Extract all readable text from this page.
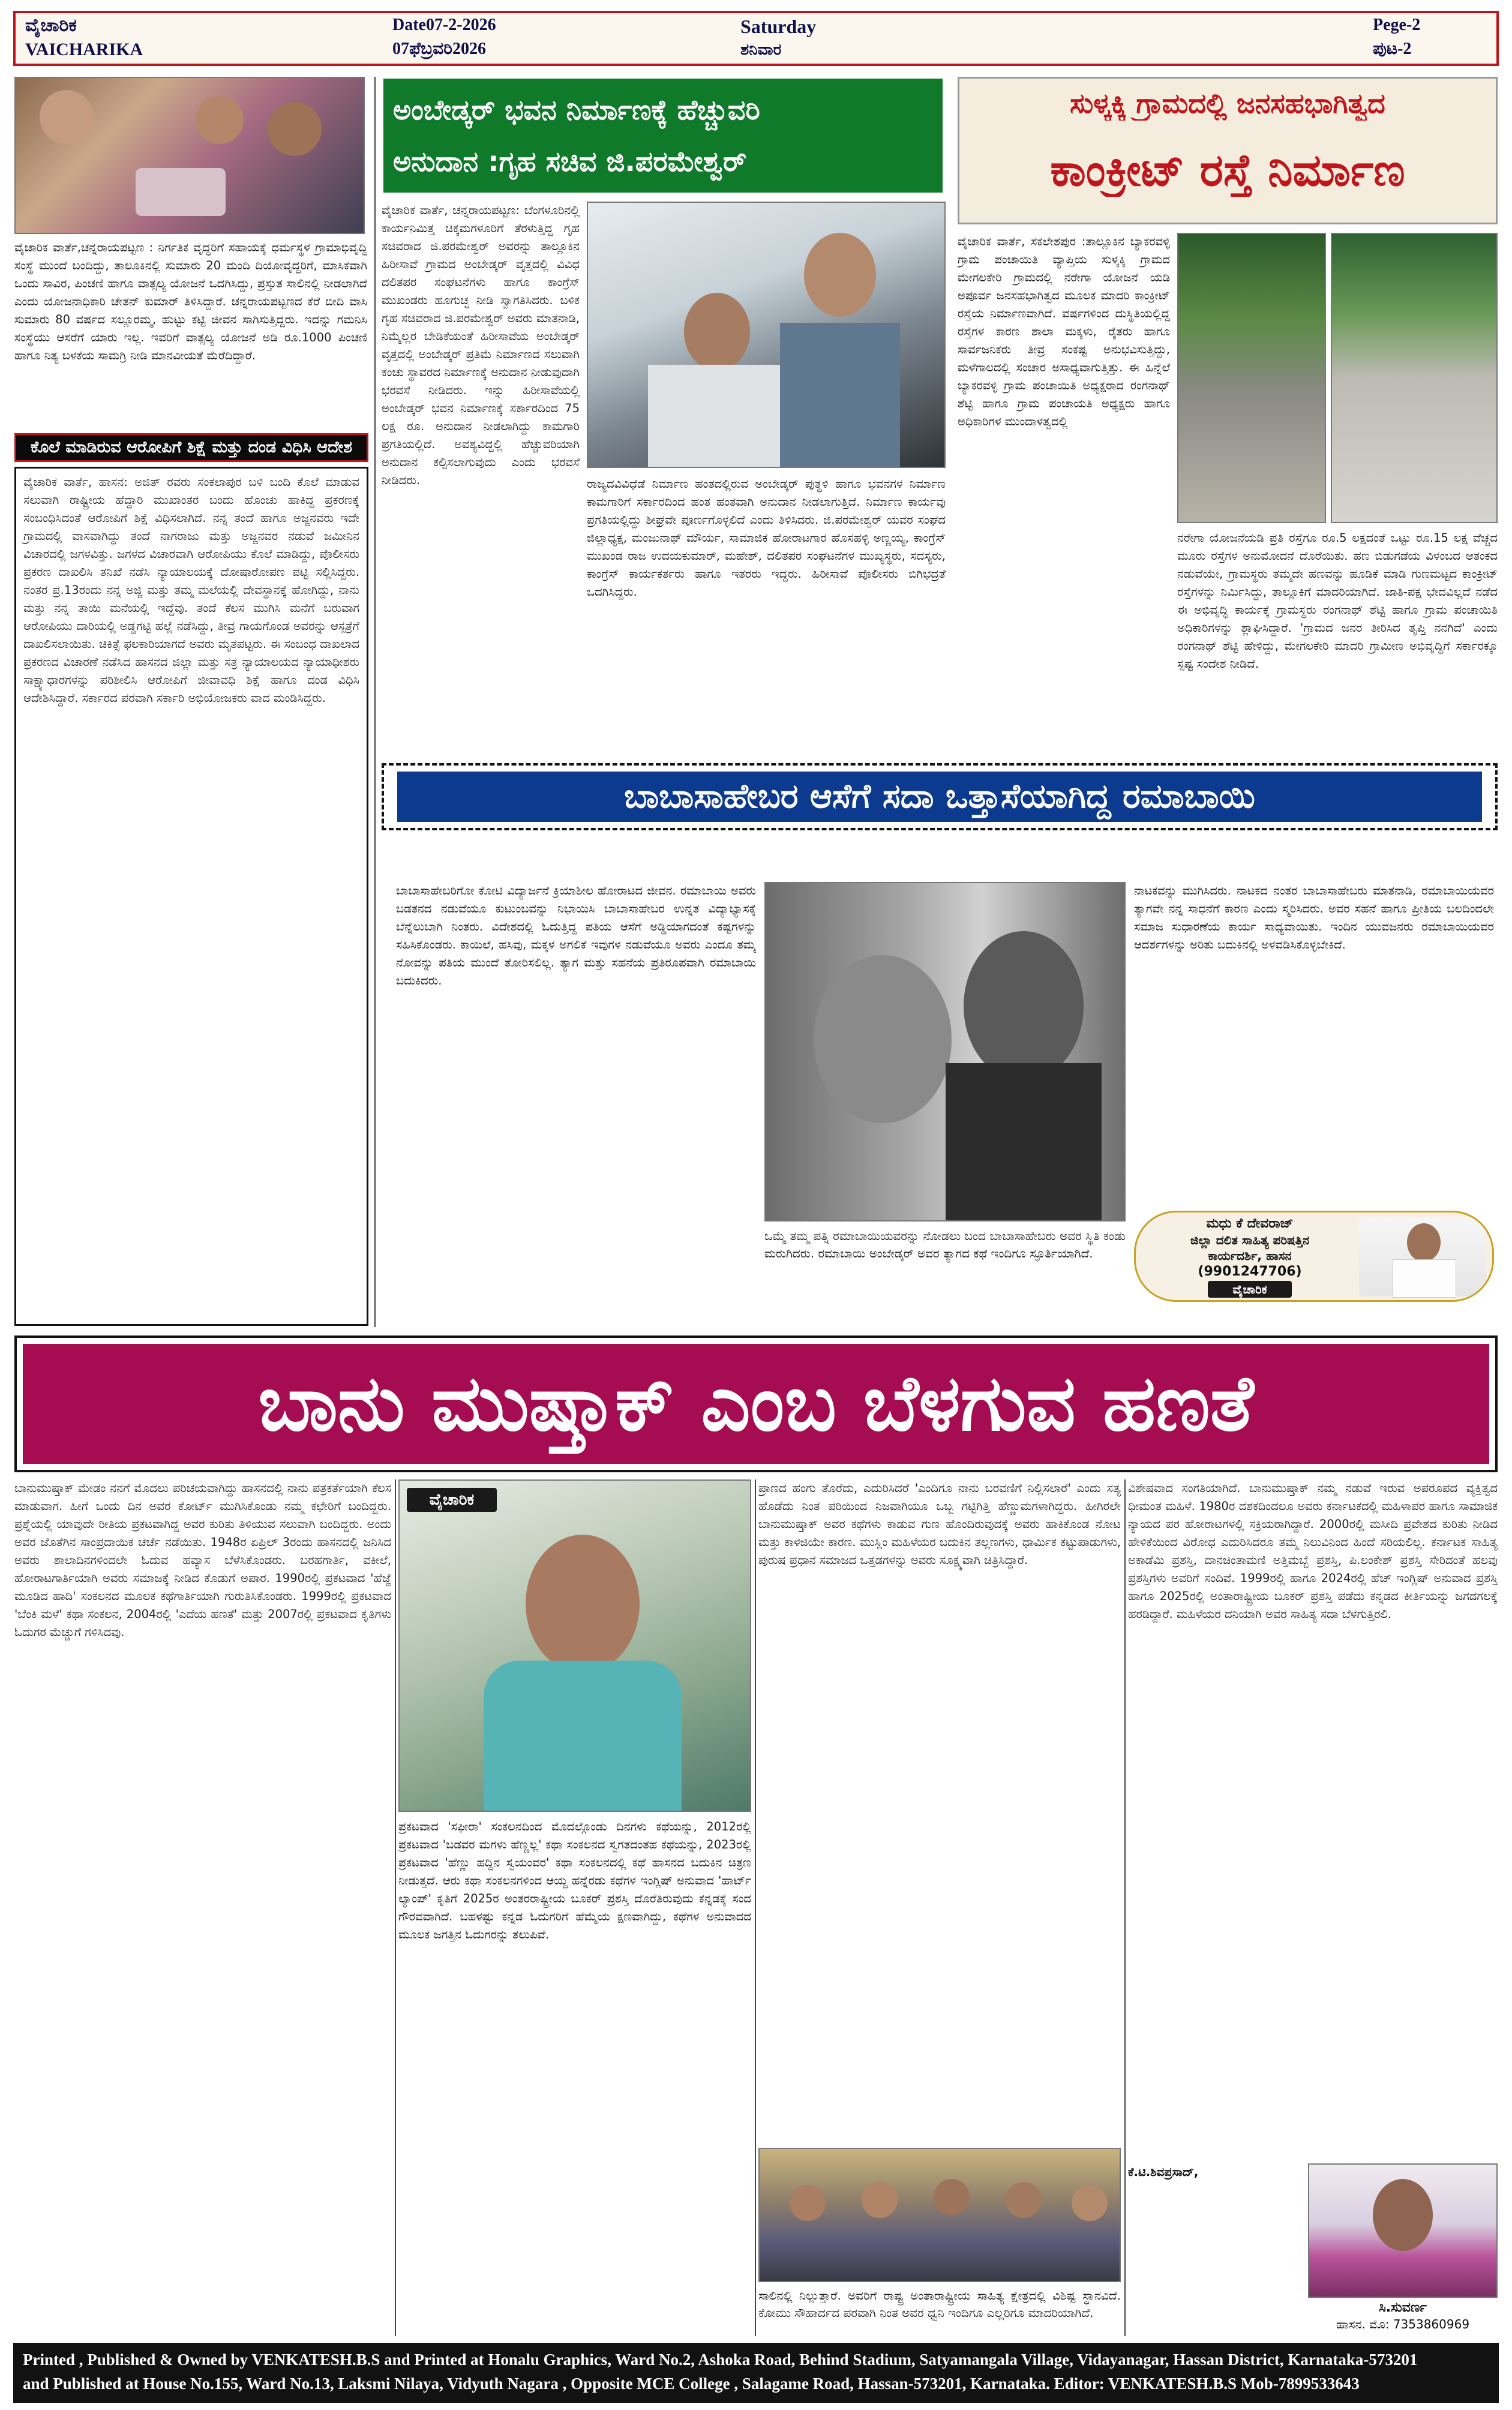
ವೈಚಾರಿಕ
VAICHARIKA
Date07-2-2026
07ಫೆಬ್ರವರಿ2026
Saturday
ಶನಿವಾರ
Pege-2
ಪುಟ-2
ವೈಚಾರಿಕ ವಾರ್ತೆ,ಚನ್ನರಾಯಪಟ್ಟಣ : ನಿರ್ಗತಿಕ ವೃದ್ಧರಿಗೆ ಸಹಾಯಕ್ಕೆ ಧರ್ಮಸ್ಥಳ ಗ್ರಾಮಾಭಿವೃದ್ಧಿ ಸಂಸ್ಥೆ ಮುಂದೆ ಬಂದಿದ್ದು, ತಾಲೂಕಿನಲ್ಲಿ ಸುಮಾರು 20 ಮಂದಿ ದಿಯೋವೃದ್ಧರಿಗೆ, ಮಾಸಿಕವಾಗಿ ಒಂದು ಸಾವಿರ, ಪಿಂಚಣಿ ಹಾಗೂ ವಾತ್ಸಲ್ಯ ಯೋಜನೆ ಒದಗಿಸಿದ್ದು, ಪ್ರಸ್ತುತ ಸಾಲಿನಲ್ಲಿ ನೀಡಲಾಗಿದೆ ಎಂದು ಯೋಜನಾಧಿಕಾರಿ ಚೇತನ್ ಕುಮಾರ್ ತಿಳಿಸಿದ್ದಾರೆ. ಚನ್ನರಾಯಪಟ್ಟಣದ ಕೆರೆ ಬೀದಿ ವಾಸಿ ಸುಮಾರು 80 ವರ್ಷದ ಸಲ್ಲೂರಮ್ಮ, ಹುಟ್ಟು ಕಟ್ಟಿ ಜೀವನ ಸಾಗಿಸುತ್ತಿದ್ದರು. ಇದನ್ನು ಗಮನಿಸಿ ಸಂಸ್ಥೆಯು ಆಸರೆಗೆ ಯಾರು ಇಲ್ಲ. ಇವರಿಗೆ ವಾತ್ಸಲ್ಯ ಯೋಜನೆ ಅಡಿ ರೂ.1000 ಪಿಂಚಣಿ ಹಾಗೂ ನಿತ್ಯ ಬಳಕೆಯ ಸಾಮಗ್ರಿ ನೀಡಿ ಮಾನವೀಯತೆ ಮೆರೆದಿದ್ದಾರೆ.
ಕೊಲೆ ಮಾಡಿರುವ ಆರೋಪಿಗೆ ಶಿಕ್ಷೆ ಮತ್ತು ದಂಡ ವಿಧಿಸಿ ಆದೇಶ
ವೈಚಾರಿಕ ವಾರ್ತೆ, ಹಾಸನ: ಅಜಿತ್ ರವರು ಸಂಕಲಾಪುರ ಬಳಿ ಬಂದಿ ಕೊಲೆ ಮಾಡುವ ಸಲುವಾಗಿ ರಾಷ್ಟ್ರೀಯ ಹೆದ್ದಾರಿ ಮುಖಾಂತರ ಬಂದು ಹೊಂಚು ಹಾಕಿದ್ದ ಪ್ರಕರಣಕ್ಕೆ ಸಂಬಂಧಿಸಿದಂತೆ ಆರೋಪಿಗೆ ಶಿಕ್ಷೆ ವಿಧಿಸಲಾಗಿದೆ. ನನ್ನ ತಂದೆ ಹಾಗೂ ಅಜ್ಜನವರು ಇದೇ ಗ್ರಾಮದಲ್ಲಿ ವಾಸವಾಗಿದ್ದು ತಂದೆ ನಾಗರಾಜು ಮತ್ತು ಅಜ್ಜನವರ ನಡುವೆ ಜಮೀನಿನ ವಿಚಾರದಲ್ಲಿ ಜಗಳವಿತ್ತು. ಜಗಳದ ವಿಚಾರವಾಗಿ ಆರೋಪಿಯು ಕೊಲೆ ಮಾಡಿದ್ದು, ಪೊಲೀಸರು ಪ್ರಕರಣ ದಾಖಲಿಸಿ ತನಿಖೆ ನಡೆಸಿ ನ್ಯಾಯಾಲಯಕ್ಕೆ ದೋಷಾರೋಪಣ ಪಟ್ಟಿ ಸಲ್ಲಿಸಿದ್ದರು. ನಂತರ ಪ್ರ.13ರಂದು ನನ್ನ ಅಜ್ಜಿ ಮತ್ತು ತಮ್ಮ ಮಲೆಯಲ್ಲಿ ದೇವಸ್ಥಾನಕ್ಕೆ ಹೋಗಿದ್ದು, ನಾನು ಮತ್ತು ನನ್ನ ತಾಯಿ ಮನೆಯಲ್ಲಿ ಇದ್ದೆವು. ತಂದೆ ಕೆಲಸ ಮುಗಿಸಿ ಮನೆಗೆ ಬರುವಾಗ ಆರೋಪಿಯು ದಾರಿಯಲ್ಲಿ ಅಡ್ಡಗಟ್ಟಿ ಹಲ್ಲೆ ನಡೆಸಿದ್ದು, ತೀವ್ರ ಗಾಯಗೊಂಡ ಅವರನ್ನು ಆಸ್ಪತ್ರೆಗೆ ದಾಖಲಿಸಲಾಯಿತು. ಚಿಕಿತ್ಸೆ ಫಲಕಾರಿಯಾಗದೆ ಅವರು ಮೃತಪಟ್ಟರು. ಈ ಸಂಬಂಧ ದಾಖಲಾದ ಪ್ರಕರಣದ ವಿಚಾರಣೆ ನಡೆಸಿದ ಹಾಸನದ ಜಿಲ್ಲಾ ಮತ್ತು ಸತ್ರ ನ್ಯಾಯಾಲಯದ ನ್ಯಾಯಾಧೀಶರು ಸಾಕ್ಷ್ಯಾಧಾರಗಳನ್ನು ಪರಿಶೀಲಿಸಿ ಆರೋಪಿಗೆ ಜೀವಾವಧಿ ಶಿಕ್ಷೆ ಹಾಗೂ ದಂಡ ವಿಧಿಸಿ ಆದೇಶಿಸಿದ್ದಾರೆ. ಸರ್ಕಾರದ ಪರವಾಗಿ ಸರ್ಕಾರಿ ಅಭಿಯೋಜಕರು ವಾದ ಮಂಡಿಸಿದ್ದರು.
ಅಂಬೇಡ್ಕರ್ ಭವನ ನಿರ್ಮಾಣಕ್ಕೆ ಹೆಚ್ಚುವರಿ
ಅನುದಾನ :ಗೃಹ ಸಚಿವ ಜಿ.ಪರಮೇಶ್ವರ್
ವೈಚಾರಿಕ ವಾರ್ತೆ, ಚನ್ನರಾಯಪಟ್ಟಣ: ಬೆಂಗಳೂರಿನಲ್ಲಿ ಕಾರ್ಯನಿಮಿತ್ತ ಚಿಕ್ಕಮಗಳೂರಿಗೆ ತೆರಳುತ್ತಿದ್ದ ಗೃಹ ಸಚಿವರಾದ ಜಿ.ಪರಮೇಶ್ವರ್ ಅವರನ್ನು ತಾಲ್ಲೂಕಿನ ಹಿರೀಸಾವೆ ಗ್ರಾಮದ ಅಂಬೇಡ್ಕರ್ ವೃತ್ತದಲ್ಲಿ ವಿವಿಧ ದಲಿತಪರ ಸಂಘಟನೆಗಳು ಹಾಗೂ ಕಾಂಗ್ರೆಸ್ ಮುಖಂಡರು ಹೂಗುಚ್ಛ ನೀಡಿ ಸ್ವಾಗತಿಸಿದರು. ಬಳಿಕ ಗೃಹ ಸಚಿವರಾದ ಜಿ.ಪರಮೇಶ್ವರ್ ಅವರು ಮಾತನಾಡಿ, ನಿಮ್ಮೆಲ್ಲರ ಬೇಡಿಕೆಯಂತೆ ಹಿರೀಸಾವೆಯ ಅಂಬೇಡ್ಕರ್ ವೃತ್ತದಲ್ಲಿ ಅಂಬೇಡ್ಕರ್ ಪ್ರತಿಮೆ ನಿರ್ಮಾಣದ ಸಲುವಾಗಿ ಕಂಚು ಸ್ಥಾವರದ ನಿರ್ಮಾಣಕ್ಕೆ ಅನುದಾನ ನೀಡುವುದಾಗಿ ಭರವಸೆ ನೀಡಿದರು. ಇನ್ನು ಹಿರೀಸಾವೆಯಲ್ಲಿ ಅಂಬೇಡ್ಕರ್ ಭವನ ನಿರ್ಮಾಣಕ್ಕೆ ಸರ್ಕಾರದಿಂದ 75 ಲಕ್ಷ ರೂ. ಅನುದಾನ ನೀಡಲಾಗಿದ್ದು ಕಾಮಗಾರಿ ಪ್ರಗತಿಯಲ್ಲಿದೆ. ಅವಶ್ಯವಿದ್ದಲ್ಲಿ ಹೆಚ್ಚುವರಿಯಾಗಿ ಅನುದಾನ ಕಲ್ಪಿಸಲಾಗುವುದು ಎಂದು ಭರವಸೆ ನೀಡಿದರು.	ರಾಜ್ಯದವಿವಿಧೆಡೆ ನಿರ್ಮಾಣ ಹಂತದಲ್ಲಿರುವ ಅಂಬೇಡ್ಕರ್ ಪುತ್ಥಳಿ ಹಾಗೂ ಭವನಗಳ ನಿರ್ಮಾಣ ಕಾಮಗಾರಿಗೆ ಸರ್ಕಾರದಿಂದ ಹಂತ ಹಂತವಾಗಿ ಅನುದಾನ ನೀಡಲಾಗುತ್ತಿದೆ. ನಿರ್ಮಾಣ ಕಾರ್ಯವು ಪ್ರಗತಿಯಲ್ಲಿದ್ದು ಶೀಘ್ರವೇ ಪೂರ್ಣಗೊಳ್ಳಲಿದೆ ಎಂದು ತಿಳಿಸಿದರು. ಜಿ.ಪರಮೇಶ್ವರ್ ಯವರ ಸಂಘದ ಜಿಲ್ಲಾಧ್ಯಕ್ಷ, ಮಂಜುನಾಥ್ ಮೌರ್ಯ, ಸಾಮಾಜಿಕ ಹೋರಾಟಗಾರ ಹೊಸಹಳ್ಳಿ ಅಣ್ಣಯ್ಯ, ಕಾಂಗ್ರೆಸ್ ಮುಖಂಡ ರಾಜ ಉದಯಕುಮಾರ್, ಮಹೇಶ್, ದಲಿತಪರ ಸಂಘಟನೆಗಳ ಮುಖ್ಯಸ್ಥರು, ಸದಸ್ಯರು, ಕಾಂಗ್ರೆಸ್ ಕಾರ್ಯಕರ್ತರು ಹಾಗೂ ಇತರರು ಇದ್ದರು. ಹಿರೀಸಾವೆ ಪೊಲೀಸರು ಬಿಗಿಭದ್ರತೆ ಒದಗಿಸಿದ್ದರು.
ಸುಳ್ಕಕ್ಕಿ ಗ್ರಾಮದಲ್ಲಿ ಜನಸಹಭಾಗಿತ್ವದ
ಕಾಂಕ್ರೀಟ್ ರಸ್ತೆ ನಿರ್ಮಾಣ
ವೈಚಾರಿಕ ವಾರ್ತೆ, ಸಕಲೇಶಪುರ :ತಾಲ್ಲೂಕಿನ ಬ್ಯಾಕರವಳ್ಳಿ ಗ್ರಾಮ ಪಂಚಾಯಿತಿ ವ್ಯಾಪ್ತಿಯ ಸುಳ್ಕಕ್ಕಿ ಗ್ರಾಮದ ಮೇಗಲಕೇರಿ ಗ್ರಾಮದಲ್ಲಿ ನರೇಗಾ ಯೋಜನೆ ಯಡಿ ಅಪೂರ್ವ ಜನಸಹಭಾಗಿತ್ವದ ಮೂಲಕ ಮಾದರಿ ಕಾಂಕ್ರೀಟ್ ರಸ್ತೆಯ ನಿರ್ಮಾಣವಾಗಿದೆ. ವರ್ಷಗಳಿಂದ ದುಸ್ಥಿತಿಯಲ್ಲಿದ್ದ ರಸ್ತೆಗಳ ಕಾರಣ ಶಾಲಾ ಮಕ್ಕಳು, ರೈತರು ಹಾಗೂ ಸಾರ್ವಜನಿಕರು ತೀವ್ರ ಸಂಕಷ್ಟ ಅನುಭವಿಸುತ್ತಿದ್ದು, ಮಳೆಗಾಲದಲ್ಲಿ ಸಂಚಾರ ಅಸಾಧ್ಯವಾಗುತ್ತಿತ್ತು. ಈ ಹಿನ್ನೆಲೆ ಬ್ಯಾಕರವಳ್ಳಿ ಗ್ರಾಮ ಪಂಚಾಯಿತಿ ಅಧ್ಯಕ್ಷರಾದ ರಂಗನಾಥ್ ಶೆಟ್ಟಿ ಹಾಗೂ ಗ್ರಾಮ ಪಂಚಾಯತಿ ಅಧ್ಯಕ್ಷರು ಹಾಗೂ ಅಧಿಕಾರಿಗಳ ಮುಂದಾಳತ್ವದಲ್ಲಿ
ನರೇಗಾ ಯೋಜನೆಯಡಿ ಪ್ರತಿ ರಸ್ತೆಗೂ ರೂ.5 ಲಕ್ಷದಂತೆ ಒಟ್ಟು ರೂ.15 ಲಕ್ಷ ವೆಚ್ಚದ ಮೂರು ರಸ್ತೆಗಳ ಅನುಮೋದನೆ ದೊರೆಯಿತು. ಹಣ ಬಿಡುಗಡೆಯ ವಿಳಂಬದ ಆತಂಕದ ನಡುವೆಯೇ, ಗ್ರಾಮಸ್ಥರು ತಮ್ಮದೇ ಹಣವನ್ನು ಹೂಡಿಕೆ ಮಾಡಿ ಗುಣಮಟ್ಟದ ಕಾಂಕ್ರೀಟ್ ರಸ್ತೆಗಳನ್ನು ನಿರ್ಮಿಸಿದ್ದು, ತಾಲ್ಲೂಕಿಗೆ ಮಾದರಿಯಾಗಿದೆ. ಜಾತಿ-ಪಕ್ಷ ಭೇದವಿಲ್ಲದೆ ನಡೆದ ಈ ಅಭಿವೃದ್ಧಿ ಕಾರ್ಯಕ್ಕೆ ಗ್ರಾಮಸ್ಥರು ರಂಗನಾಥ್ ಶೆಟ್ಟಿ ಹಾಗೂ ಗ್ರಾಮ ಪಂಚಾಯಿತಿ ಅಧಿಕಾರಿಗಳನ್ನು ಶ್ಲಾಘಿಸಿದ್ದಾರೆ. 'ಗ್ರಾಮದ ಜನರ ತೀರಿಸಿದ ತೃಪ್ತಿ ನನಗಿದೆ' ಎಂದು ರಂಗನಾಥ್ ಶೆಟ್ಟಿ ಹೇಳಿದ್ದು, ಮೇಗಲಕೇರಿ ಮಾದರಿ ಗ್ರಾಮೀಣ ಅಭಿವೃದ್ಧಿಗೆ ಸರ್ಕಾರಕ್ಕೂ ಸ್ಪಷ್ಟ ಸಂದೇಶ ನೀಡಿದೆ.
ಬಾಬಾಸಾಹೇಬರ ಆಸೆಗೆ ಸದಾ ಒತ್ತಾಸೆಯಾಗಿದ್ದ ರಮಾಬಾಯಿ
ಬಾಬಾಸಾಹೇಬರಿಗೋ ಕೋಟಿ ವಿದ್ಯಾರ್ಜನೆ ಕ್ರಿಯಾಶೀಲ ಹೋರಾಟದ ಜೀವನ. ರಮಾಬಾಯಿ ಅವರು ಬಡತನದ ನಡುವೆಯೂ ಕುಟುಂಬವನ್ನು ನಿಭಾಯಿಸಿ ಬಾಬಾಸಾಹೇಬರ ಉನ್ನತ ವಿದ್ಯಾಭ್ಯಾಸಕ್ಕೆ ಬೆನ್ನೆಲುಬಾಗಿ ನಿಂತರು. ವಿದೇಶದಲ್ಲಿ ಓದುತ್ತಿದ್ದ ಪತಿಯ ಆಸೆಗೆ ಅಡ್ಡಿಯಾಗದಂತೆ ಕಷ್ಟಗಳನ್ನು ಸಹಿಸಿಕೊಂಡರು. ಕಾಯಿಲೆ, ಹಸಿವು, ಮಕ್ಕಳ ಅಗಲಿಕೆ ಇವುಗಳ ನಡುವೆಯೂ ಅವರು ಎಂದೂ ತಮ್ಮ ನೋವನ್ನು ಪತಿಯ ಮುಂದೆ ತೋರಿಸಲಿಲ್ಲ. ತ್ಯಾಗ ಮತ್ತು ಸಹನೆಯ ಪ್ರತಿರೂಪವಾಗಿ ರಮಾಬಾಯಿ ಬದುಕಿದರು.
ಒಮ್ಮೆ ತಮ್ಮ ಪತ್ನಿ ರಮಾಬಾಯಿಯವರನ್ನು ನೋಡಲು ಬಂದ ಬಾಬಾಸಾಹೇಬರು ಅವರ ಸ್ಥಿತಿ ಕಂಡು ಮರುಗಿದರು. ರಮಾಬಾಯಿ ಅಂಬೇಡ್ಕರ್ ಅವರ ತ್ಯಾಗದ ಕಥೆ ಇಂದಿಗೂ ಸ್ಫೂರ್ತಿಯಾಗಿದೆ.
ನಾಟಕವನ್ನು ಮುಗಿಸಿದರು. ನಾಟಕದ ನಂತರ ಬಾಬಾಸಾಹೇಬರು ಮಾತನಾಡಿ, ರಮಾಬಾಯಿಯವರ ತ್ಯಾಗವೇ ನನ್ನ ಸಾಧನೆಗೆ ಕಾರಣ ಎಂದು ಸ್ಮರಿಸಿದರು. ಅವರ ಸಹನೆ ಹಾಗೂ ಪ್ರೀತಿಯ ಬಲದಿಂದಲೇ ಸಮಾಜ ಸುಧಾರಣೆಯ ಕಾರ್ಯ ಸಾಧ್ಯವಾಯಿತು. ಇಂದಿನ ಯುವಜನರು ರಮಾಬಾಯಿಯವರ ಆದರ್ಶಗಳನ್ನು ಅರಿತು ಬದುಕಿನಲ್ಲಿ ಅಳವಡಿಸಿಕೊಳ್ಳಬೇಕಿದೆ.
ಮಧು ಕೆ ದೇವರಾಜ್
ಜಿಲ್ಲಾ ದಲಿತ ಸಾಹಿತ್ಯ ಪರಿಷತ್ತಿನ
ಕಾರ್ಯದರ್ಶಿ, ಹಾಸನ
(9901247706)
ವೈಚಾರಿಕ
ಬಾನು ಮುಷ್ತಾಕ್ ಎಂಬ ಬೆಳಗುವ ಹಣತೆ
ಬಾನುಮುಷ್ತಾಕ್ ಮೇಡಂ ನನಗೆ ಮೊದಲು ಪರಿಚಯವಾಗಿದ್ದು ಹಾಸನದಲ್ಲಿ ನಾನು ಪತ್ರಕರ್ತೆಯಾಗಿ ಕೆಲಸ ಮಾಡುವಾಗ. ಹೀಗೆ ಒಂದು ದಿನ ಅವರ ಕೋರ್ಟ್ ಮುಗಿಸಿಕೊಂಡು ನಮ್ಮ ಕಛೇರಿಗೆ ಬಂದಿದ್ದರು. ಪ್ರಶ್ನೆಯಲ್ಲಿ ಯಾವುದೇ ರೀತಿಯ ಪ್ರಕಟವಾಗಿದ್ದ ಅವರ ಕುರಿತು ತಿಳಿಯುವ ಸಲುವಾಗಿ ಬಂದಿದ್ದರು. ಅಂದು ಅವರ ಜೊತೆಗಿನ ಸಾಂಪ್ರದಾಯಿಕ ಚರ್ಚೆ ನಡೆಯಿತು. 1948ರ ಏಪ್ರಿಲ್ 3ರಂದು ಹಾಸನದಲ್ಲಿ ಜನಿಸಿದ ಅವರು ಶಾಲಾದಿನಗಳಿಂದಲೇ ಓದುವ ಹವ್ಯಾಸ ಬೆಳೆಸಿಕೊಂಡರು. ಬರಹಗಾರ್ತಿ, ವಕೀಲೆ, ಹೋರಾಟಗಾರ್ತಿಯಾಗಿ ಅವರು ಸಮಾಜಕ್ಕೆ ನೀಡಿದ ಕೊಡುಗೆ ಅಪಾರ. 1990ರಲ್ಲಿ ಪ್ರಕಟವಾದ 'ಹೆಜ್ಜೆ ಮೂಡಿದ ಹಾದಿ' ಸಂಕಲನದ ಮೂಲಕ ಕಥೆಗಾರ್ತಿಯಾಗಿ ಗುರುತಿಸಿಕೊಂಡರು. 1999ರಲ್ಲಿ ಪ್ರಕಟವಾದ 'ಬೆಂಕಿ ಮಳೆ' ಕಥಾ ಸಂಕಲನ, 2004ರಲ್ಲಿ 'ಎದೆಯ ಹಣತೆ' ಮತ್ತು 2007ರಲ್ಲಿ ಪ್ರಕಟವಾದ ಕೃತಿಗಳು ಓದುಗರ ಮೆಚ್ಚುಗೆ ಗಳಿಸಿದವು.
ವೈಚಾರಿಕ
ಪ್ರಕಟವಾದ 'ಸಫೀರಾ' ಸಂಕಲನದಿಂದ ಮೊದಲ್ಗೊಂಡು ದಿನಗಳು ಕಥೆಯನ್ನು, 2012ರಲ್ಲಿ ಪ್ರಕಟವಾದ 'ಬಡವರ ಮಗಳು ಹೆಣ್ಣಲ್ಲ' ಕಥಾ ಸಂಕಲನದ ಸ್ವಗತದಂತಹ ಕಥೆಯನ್ನು, 2023ರಲ್ಲಿ ಪ್ರಕಟವಾದ 'ಹೆಣ್ಣು ಹದ್ದಿನ ಸ್ವಯಂವರ' ಕಥಾ ಸಂಕಲನದಲ್ಲಿ ಕಥೆ ಹಾಸನದ ಬದುಕಿನ ಚಿತ್ರಣ ನೀಡುತ್ತದೆ. ಆರು ಕಥಾ ಸಂಕಲನಗಳಿಂದ ಆಯ್ದ ಹನ್ನೆರಡು ಕಥೆಗಳ ಇಂಗ್ಲಿಷ್ ಅನುವಾದ 'ಹಾರ್ಟ್ ಲ್ಯಾಂಪ್' ಕೃತಿಗೆ 2025ರ ಅಂತರರಾಷ್ಟ್ರೀಯ ಬೂಕರ್ ಪ್ರಶಸ್ತಿ ದೊರೆತಿರುವುದು ಕನ್ನಡಕ್ಕೆ ಸಂದ ಗೌರವವಾಗಿದೆ. ಬಹಳಷ್ಟು ಕನ್ನಡ ಓದುಗರಿಗೆ ಹೆಮ್ಮೆಯ ಕ್ಷಣವಾಗಿದ್ದು, ಕಥೆಗಳ ಅನುವಾದದ ಮೂಲಕ ಜಗತ್ತಿನ ಓದುಗರನ್ನು ತಲುಪಿವೆ.
ಪ್ರಾಣದ ಹಂಗು ತೊರೆದು, ಎದುರಿಸಿದರೆ 'ಎಂದಿಗೂ ನಾನು ಬರವಣಿಗೆ ನಿಲ್ಲಿಸಲಾರೆ' ಎಂದು ಸತ್ಯ ಹೊಡೆದು ನಿಂತ ಪರಿಯಿಂದ ನಿಜವಾಗಿಯೂ ಒಬ್ಬ ಗಟ್ಟಿಗಿತ್ತಿ ಹೆಣ್ಣುಮಗಳಾಗಿದ್ದರು. ಹೀಗಿರಲೇ ಬಾನುಮುಷ್ತಾಕ್ ಅವರ ಕಥೆಗಳು ಕಾಡುವ ಗುಣ ಹೊಂದಿರುವುದಕ್ಕೆ ಅವರು ಹಾಕಿಕೊಂಡ ನೋಟ ಮತ್ತು ಕಾಳಜಿಯೇ ಕಾರಣ. ಮುಸ್ಲಿಂ ಮಹಿಳೆಯರ ಬದುಕಿನ ತಲ್ಲಣಗಳು, ಧಾರ್ಮಿಕ ಕಟ್ಟುಪಾಡುಗಳು, ಪುರುಷ ಪ್ರಧಾನ ಸಮಾಜದ ಒತ್ತಡಗಳನ್ನು ಅವರು ಸೂಕ್ಷ್ಮವಾಗಿ ಚಿತ್ರಿಸಿದ್ದಾರೆ.
ಸಾಲಿನಲ್ಲಿ ನಿಲ್ಲುತ್ತಾರೆ. ಅವರಿಗೆ ರಾಷ್ಟ್ರ ಅಂತಾರಾಷ್ಟ್ರೀಯ ಸಾಹಿತ್ಯ ಕ್ಷೇತ್ರದಲ್ಲಿ ವಿಶಿಷ್ಟ ಸ್ಥಾನವಿದೆ. ಕೋಮು ಸೌಹಾರ್ದದ ಪರವಾಗಿ ನಿಂತ ಅವರ ಧ್ವನಿ ಇಂದಿಗೂ ಎಲ್ಲರಿಗೂ ಮಾದರಿಯಾಗಿದೆ.
ವಿಶೇಷವಾದ ಸಂಗತಿಯಾಗಿದೆ. ಬಾನುಮುಷ್ತಾಕ್ ನಮ್ಮ ನಡುವೆ ಇರುವ ಅಪರೂಪದ ವ್ಯಕ್ತಿತ್ವದ ಧೀಮಂತ ಮಹಿಳೆ. 1980ರ ದಶಕದಿಂದಲೂ ಅವರು ಕರ್ನಾಟಕದಲ್ಲಿ ಮಹಿಳಾಪರ ಹಾಗೂ ಸಾಮಾಜಿಕ ನ್ಯಾಯದ ಪರ ಹೋರಾಟಗಳಲ್ಲಿ ಸಕ್ರಿಯರಾಗಿದ್ದಾರೆ. 2000ರಲ್ಲಿ ಮಸೀದಿ ಪ್ರವೇಶದ ಕುರಿತು ನೀಡಿದ ಹೇಳಿಕೆಯಿಂದ ವಿರೋಧ ಎದುರಿಸಿದರೂ ತಮ್ಮ ನಿಲುವಿನಿಂದ ಹಿಂದೆ ಸರಿಯಲಿಲ್ಲ. ಕರ್ನಾಟಕ ಸಾಹಿತ್ಯ ಅಕಾಡೆಮಿ ಪ್ರಶಸ್ತಿ, ದಾನಚಿಂತಾಮಣಿ ಅತ್ತಿಮಬ್ಬೆ ಪ್ರಶಸ್ತಿ, ಪಿ.ಲಂಕೇಶ್ ಪ್ರಶಸ್ತಿ ಸೇರಿದಂತೆ ಹಲವು ಪ್ರಶಸ್ತಿಗಳು ಅವರಿಗೆ ಸಂದಿವೆ. 1999ರಲ್ಲಿ ಹಾಗೂ 2024ರಲ್ಲಿ ಹೆಚ್ ಇಂಗ್ಲಿಷ್ ಅನುವಾದ ಪ್ರಶಸ್ತಿ ಹಾಗೂ 2025ರಲ್ಲಿ ಅಂತಾರಾಷ್ಟ್ರೀಯ ಬೂಕರ್ ಪ್ರಶಸ್ತಿ ಪಡೆದು ಕನ್ನಡದ ಕೀರ್ತಿಯನ್ನು ಜಗದಗಲಕ್ಕೆ ಹರಡಿದ್ದಾರೆ. ಮಹಿಳೆಯರ ದನಿಯಾಗಿ ಅವರ ಸಾಹಿತ್ಯ ಸದಾ ಬೆಳಗುತ್ತಿರಲಿ.
ಸಿ.ಸುವರ್ಣ
ಹಾಸನ. ಮೊ: 7353860969
ಕೆ.ಟಿ.ಶಿವಪ್ರಸಾದ್,
Printed , Published & Owned by VENKATESH.B.S and Printed at Honalu Graphics, Ward No.2, Ashoka Road, Behind Stadium, Satyamangala Village, Vidayanagar, Hassan District, Karnataka-573201
and Published at House No.155, Ward No.13, Laksmi Nilaya, Vidyuth Nagara , Opposite MCE College , Salagame Road, Hassan-573201, Karnataka. Editor: VENKATESH.B.S Mob-7899533643
